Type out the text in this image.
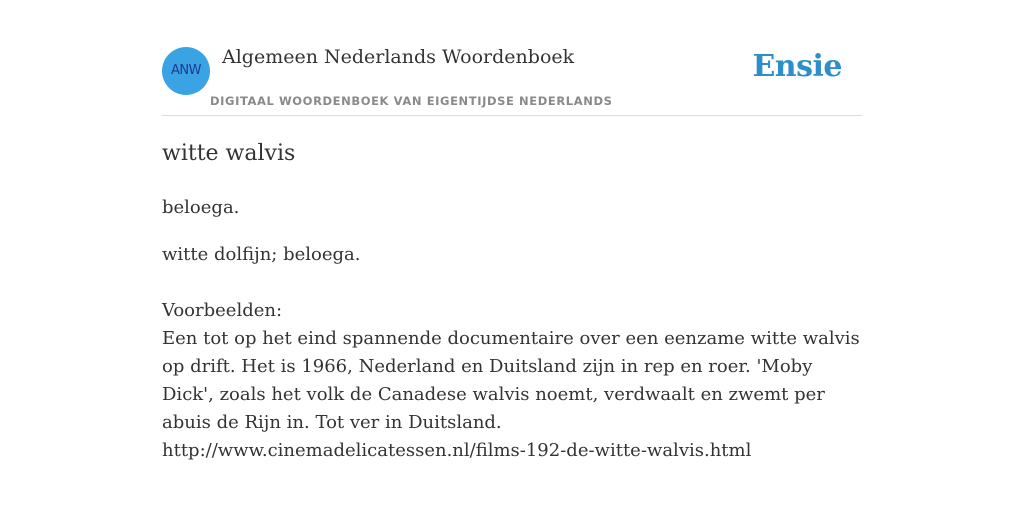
ANW
Algemeen Nederlands Woordenboek
DIGITAAL WOORDENBOEK VAN EIGENTIJDSE NEDERLANDS
Ensie
witte walvis
beloega.
witte dolfijn; beloega.
Voorbeelden:
Een tot op het eind spannende documentaire over een eenzame witte walvis op drift. Het is 1966, Nederland en Duitsland zijn in rep en roer. 'Moby Dick', zoals het volk de Canadese walvis noemt, verdwaalt en zwemt per abuis de Rijn in. Tot ver in Duitsland.
http://www.cinemadelicatessen.nl/films-192-de-witte-walvis.html
